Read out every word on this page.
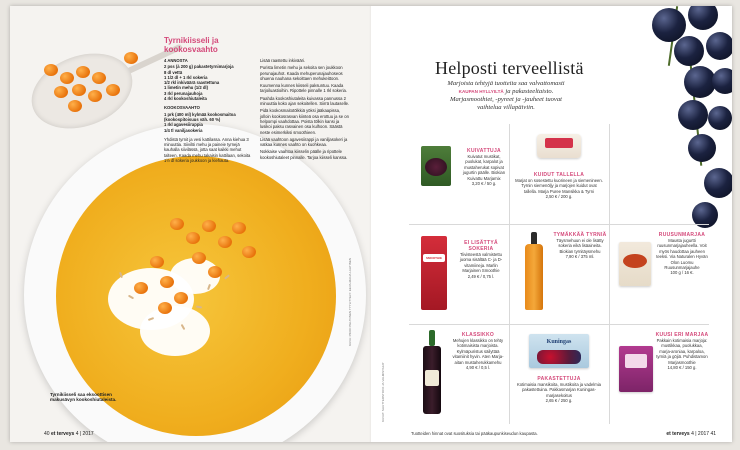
Tyrnikiisseli ja kookosvaahto
4 ANNOSTA
2 pss (à 200 g) pakastetyrnimarjoja
8 dl vettä
1 1/2 dl + 1 rkl sokeria
1/2 rkl inkiväärä raastettuna
1 limetin mehu (1/2 dl)
3 rkl perunajauhoja
4 rkl kookoshiutaleita
KOOKOSVAAHTO
1 prk (400 ml) kylmää kookosmaitoa (kookospitoisuus väh. 60 %)
1 rkl agavesiirappia
1/4 tl vaniljasokeria

Yhdistä tyrnit ja vesi kattilassa. Anna kiehua 3 minuuttia. Siivilöi mehu ja paineie tyrnejä kauhalla siivilässä, jotta saat kaikki mehut talteen. Kaada mehu takaisin kattilaan, sekoita 1½ dl sokeria joukkoon ja kiehauta.

Lisää raastettu inkivääri.

Purista limetin mehu ja sekoita sen joukkoon perunajauhot. Kaada mehuperunajauhoseos ohuena nauhana sekoittaen mehukeittoon.

Kuumenna kunnes kiisseli paksuntuu. Kaada tarjoiluastioihin. Ripottele pinnalle 1 rkl sokeria.

Paahda kookoshiutaleita kuivassa pannussa 2 minuuttia koko ajan sekoitellen. Siirrä lautaselle.

Pidä kookosmaitotölkkiä yöksi jääkaapissa, jolloin kookosrasvan kiinteä osa erottuu ja se on helpompi vaahdottaa. Poista tölkin kansi ja lusikoi paksu rasvainen osa kulhoon. Säästä neste esimerkiksi smoothieen.

Lisää vaahtoon agavesiirappi ja vaniljasokeri ja vatkaa kunnes vaahto on kuohkeaa.

Nokkaise vaahtoa kiisselin päälle ja ripottele kookoshiutaleet pinnalle. Tarjoa kiisseli kanssa.

Tyrnikiisseli saa eksoottisen makusävyn kookoshiutaleista.
KUVA: PIRJO PELTONEN TYYLITTELY: EEVA-MAIJA LAHTINEN
40 et terveys 4 | 2017
Helposti terveellistä
Marjoista tehtyjä tuotteita saa valvattomasti
KAUPAN HYLLYILTÄ ja pakasteeltaisto.
Marjasmoothiet, -pyreet ja -jauheet tuovat
vaihtelua villapäiviin.
KUIVATTUJA
Kuivatut mustikat, puolukat, karpalot ja mustaherukat sopivat jugurtin päälle. Biokian Kuivattu Marjamix
3,20 € / 50 g.
KUIDUT TALLELLA
Marjat on sosestettu kuorineen ja siemenineen. Tyrnin siemenöljy ja marjojen kuidut ovat tallella. Marja Puree Mansikka & Tyrni
2,50 € / 200 g.
SMOOTHIE
EI LISÄTTYÄ SOKERIA
Tiivisteestä valmistettu juoma sisältää C- ja D-vitamiineja. Marlin Marjainen Smoothie
2,49 € / 0,75 l.
TYMÄKKÄÄ TYRNIÄ
Täysmehuun ei ole lisätty sokeria eikä lisäaineita. Biokian tyrnitäysmehu
7,90 € / 375 ml.
RUUSUNMARJAA
Mausta jugurtti ruusunmarjajauheella. Voit myös haudottaa jauheen teeksi. Via Naturalen Hyvän Olon Luomu Ruusunmarjajauhe
100 g / 16 €.
KLASSIKKO
Mehujen klassikko on tehty kotimaisista marjoista. Kylmäpuristus säilyttää vitamiinit hyvin. Aten Marja-aitan mustaherukkamehu
4,90 € / 0,5 l.
Kuningas
PAKASTETTUJA
Kotimaisia mansikoita, mustikoita ja vadelmia pakastettuina. Pakkasmarjan Kuningas-marjasekoitus
2,65 € / 250 g.
KUUSI ERI MARJAA
Pakkain kotimaisia marjoja: mustikkaa, puolukkaa, marja-aroniaa, karpaloa, tyrniä ja göjiä. Puhdistamon Marjasmoothie
14,80 € / 150 g.
KUVAT: SHUTTERSTOCK JA VALMISTAJAT
Tuotteiden hinnat ovat suosituksia tai pääkaupunkiseudun kaupasta.	et terveys 4 | 2017 41
